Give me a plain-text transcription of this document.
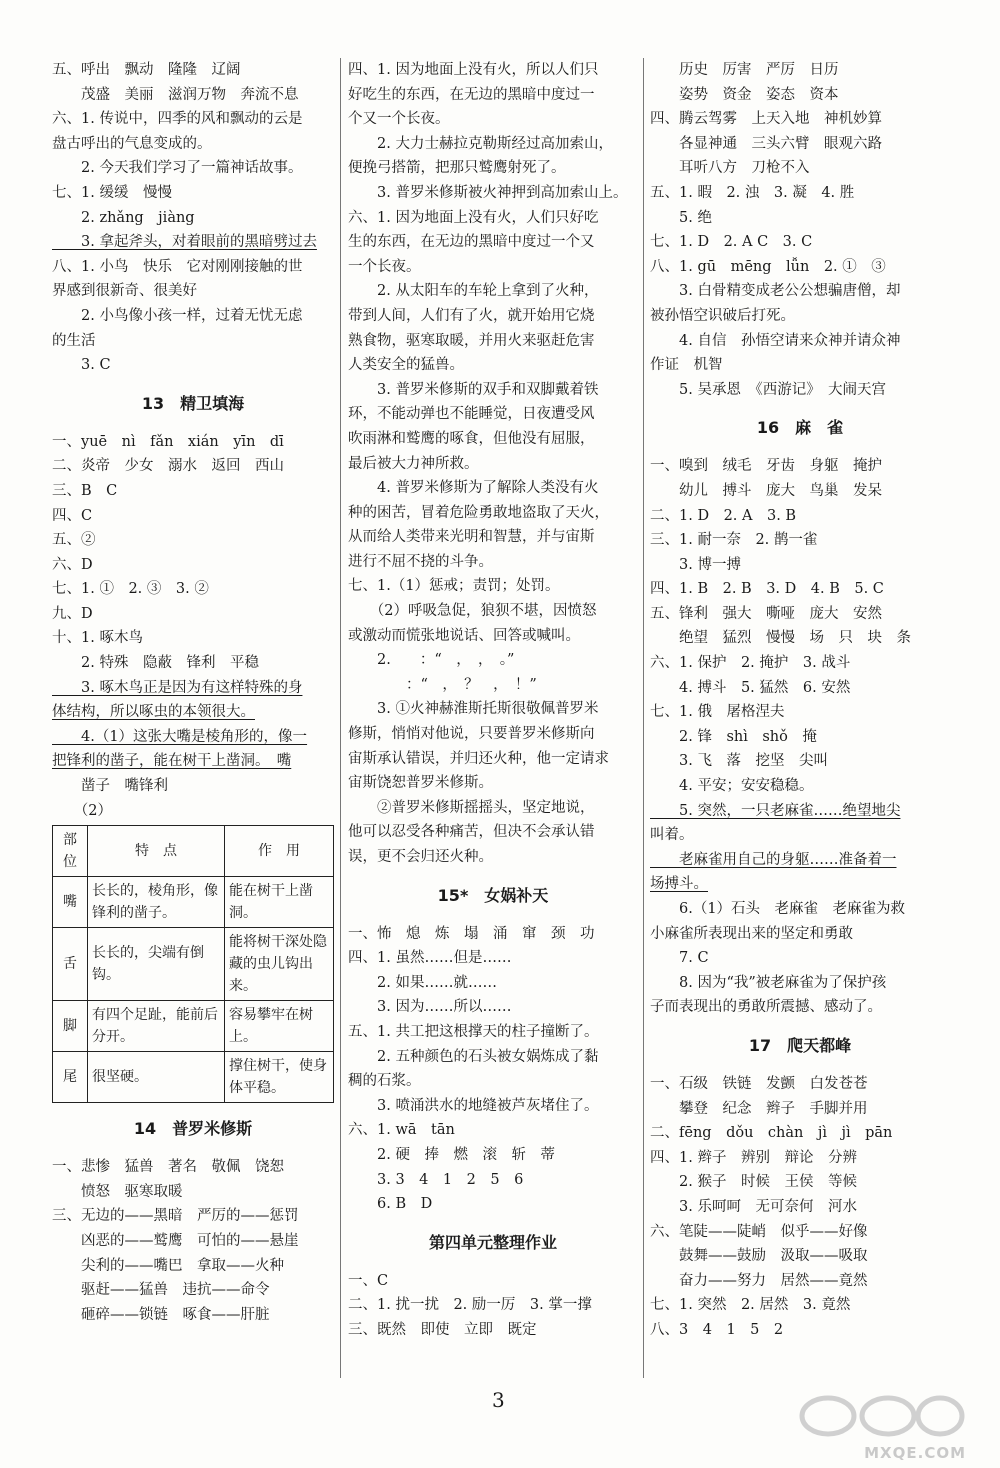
五、呼出　飘动　隆隆　辽阔
　　茂盛　美丽　滋润万物　奔流不息
六、1. 传说中，四季的风和飘动的云是
盘古呼出的气息变成的。
　　2. 今天我们学习了一篇神话故事。
七、1. 缓缓　慢慢
　　2. zhǎng　jiàng
　　3. 拿起斧头，对着眼前的黑暗劈过去
八、1. 小鸟　快乐　它对刚刚接触的世
界感到很新奇、很美好
　　2. 小鸟像小孩一样，过着无忧无虑
的生活
　　3. C
13　精卫填海
一、yuē　nì　fǎn　xián　yīn　dī
二、炎帝　少女　溺水　返回　西山
三、B　C
四、C
五、②
六、D
七、1. ①　2. ③　3. ②
九、D
十、1. 啄木鸟
　　2. 特殊　隐蔽　锋利　平稳
　　3. 啄木鸟正是因为有这样特殊的身
体结构，所以啄虫的本领很大。
　　4.（1）这张大嘴是棱角形的，像一
把锋利的凿子，能在树干上凿洞。　嘴
　　凿子　嘴锋利
　　（2）
部位	特　点	作　用
嘴	长长的，棱角形，像锋利的凿子。	能在树干上凿洞。
舌	长长的，尖端有倒钩。	能将树干深处隐藏的虫儿钩出来。
脚	有四个足趾，能前后分开。	容易攀牢在树上。
尾	很坚硬。	撑住树干，使身体平稳。
14　普罗米修斯
一、悲惨　猛兽　著名　敬佩　饶恕
　　愤怒　驱寒取暖
三、无边的——黑暗　严厉的——惩罚
　　凶恶的——鹫鹰　可怕的——悬崖
　　尖利的——嘴巴　拿取——火种
　　驱赶——猛兽　违抗——命令
　　砸碎——锁链　啄食——肝脏
四、1. 因为地面上没有火，所以人们只
好吃生的东西，在无边的黑暗中度过一
个又一个长夜。
　　2. 大力士赫拉克勒斯经过高加索山，
便挽弓搭箭，把那只鹫鹰射死了。
　　3. 普罗米修斯被火神押到高加索山上。
六、1. 因为地面上没有火，人们只好吃
生的东西，在无边的黑暗中度过一个又
一个长夜。
　　2. 从太阳车的车轮上拿到了火种，
带到人间，人们有了火，就开始用它烧
熟食物，驱寒取暖，并用火来驱赶危害
人类安全的猛兽。
　　3. 普罗米修斯的双手和双脚戴着铁
环，不能动弹也不能睡觉，日夜遭受风
吹雨淋和鹫鹰的啄食，但他没有屈服，
最后被大力神所救。
　　4. 普罗米修斯为了解除人类没有火
种的困苦，冒着危险勇敢地盗取了天火，
从而给人类带来光明和智慧，并与宙斯
进行不屈不挠的斗争。
七、1.（1）惩戒；责罚；处罚。
　　（2）呼吸急促，狼狈不堪，因愤怒
或激动而慌张地说话、回答或喊叫。
　　2.　　：“　，　，　。”
　　　　：“　，　？　，　！”
　　3. ①火神赫淮斯托斯很敬佩普罗米
修斯，悄悄对他说，只要普罗米修斯向
宙斯承认错误，并归还火种，他一定请求
宙斯饶恕普罗米修斯。
　　②普罗米修斯摇摇头，坚定地说，
他可以忍受各种痛苦，但决不会承认错
误，更不会归还火种。
15*　女娲补天
一、怖　熄　炼　塌　涌　窜　颈　功
四、1. 虽然……但是……
　　2. 如果……就……
　　3. 因为……所以……
五、1. 共工把这根撑天的柱子撞断了。
　　2. 五种颜色的石头被女娲炼成了黏
稠的石浆。
　　3. 喷涌洪水的地缝被芦灰堵住了。
六、1. wā　tān
　　2. 硬　捧　燃　滚　斩　蒂
　　3. 3　4　1　2　5　6
　　6. B　D
第四单元整理作业
一、C
二、1. 扰一扰　2. 励一厉　3. 掌一撑
三、既然　即使　立即　既定
　　历史　厉害　严厉　日历
　　姿势　资金　姿态　资本
四、腾云驾雾　上天入地　神机妙算
　　各显神通　三头六臂　眼观六路
　　耳听八方　刀枪不入
五、1. 暇　2. 浊　3. 凝　4. 胜
　　5. 绝
七、1. D　2. A C　3. C
八、1. gū　mēng　lǚn　2. ①　③
　　3. 白骨精变成老公公想骗唐僧，却
被孙悟空识破后打死。
　　4. 自信　孙悟空请来众神并请众神
作证　机智
　　5. 吴承恩　《西游记》　大闹天宫
16　麻　雀
一、嗅到　绒毛　牙齿　身躯　掩护
　　幼儿　搏斗　庞大　鸟巢　发呆
二、1. D　2. A　3. B
三、1. 耐一奈　2. 鹊一雀
　　3. 博一搏
四、1. B　2. B　3. D　4. B　5. C
五、锋利　强大　嘶哑　庞大　安然
　　绝望　猛烈　慢慢　场　只　块　条
六、1. 保护　2. 掩护　3. 战斗
　　4. 搏斗　5. 猛然　6. 安然
七、1. 俄　屠格涅夫
　　2. 锋　shì　shǒ　掩
　　3. 飞　落　挖坚　尖叫
　　4. 平安；安安稳稳。
　　5. 突然，一只老麻雀……绝望地尖
叫着。
　　老麻雀用自己的身躯……准备着一
场搏斗。
　　6.（1）石头　老麻雀　老麻雀为救
小麻雀所表现出来的坚定和勇敢
　　7. C
　　8. 因为“我”被老麻雀为了保护孩
子而表现出的勇敢所震撼、感动了。
17　爬天都峰
一、石级　铁链　发颤　白发苍苍
　　攀登　纪念　辫子　手脚并用
二、fēng　dǒu　chàn　jì　jì　pān
四、1. 辫子　辨别　辩论　分辨
　　2. 猴子　时候　王侯　等候
　　3. 乐呵呵　无可奈何　河水
六、笔陡——陡峭　似乎——好像
　　鼓舞——鼓励　汲取——吸取
　　奋力——努力　居然——竟然
七、1. 突然　2. 居然　3. 竟然
八、3　4　1　5　2
3
MXQE.COM
